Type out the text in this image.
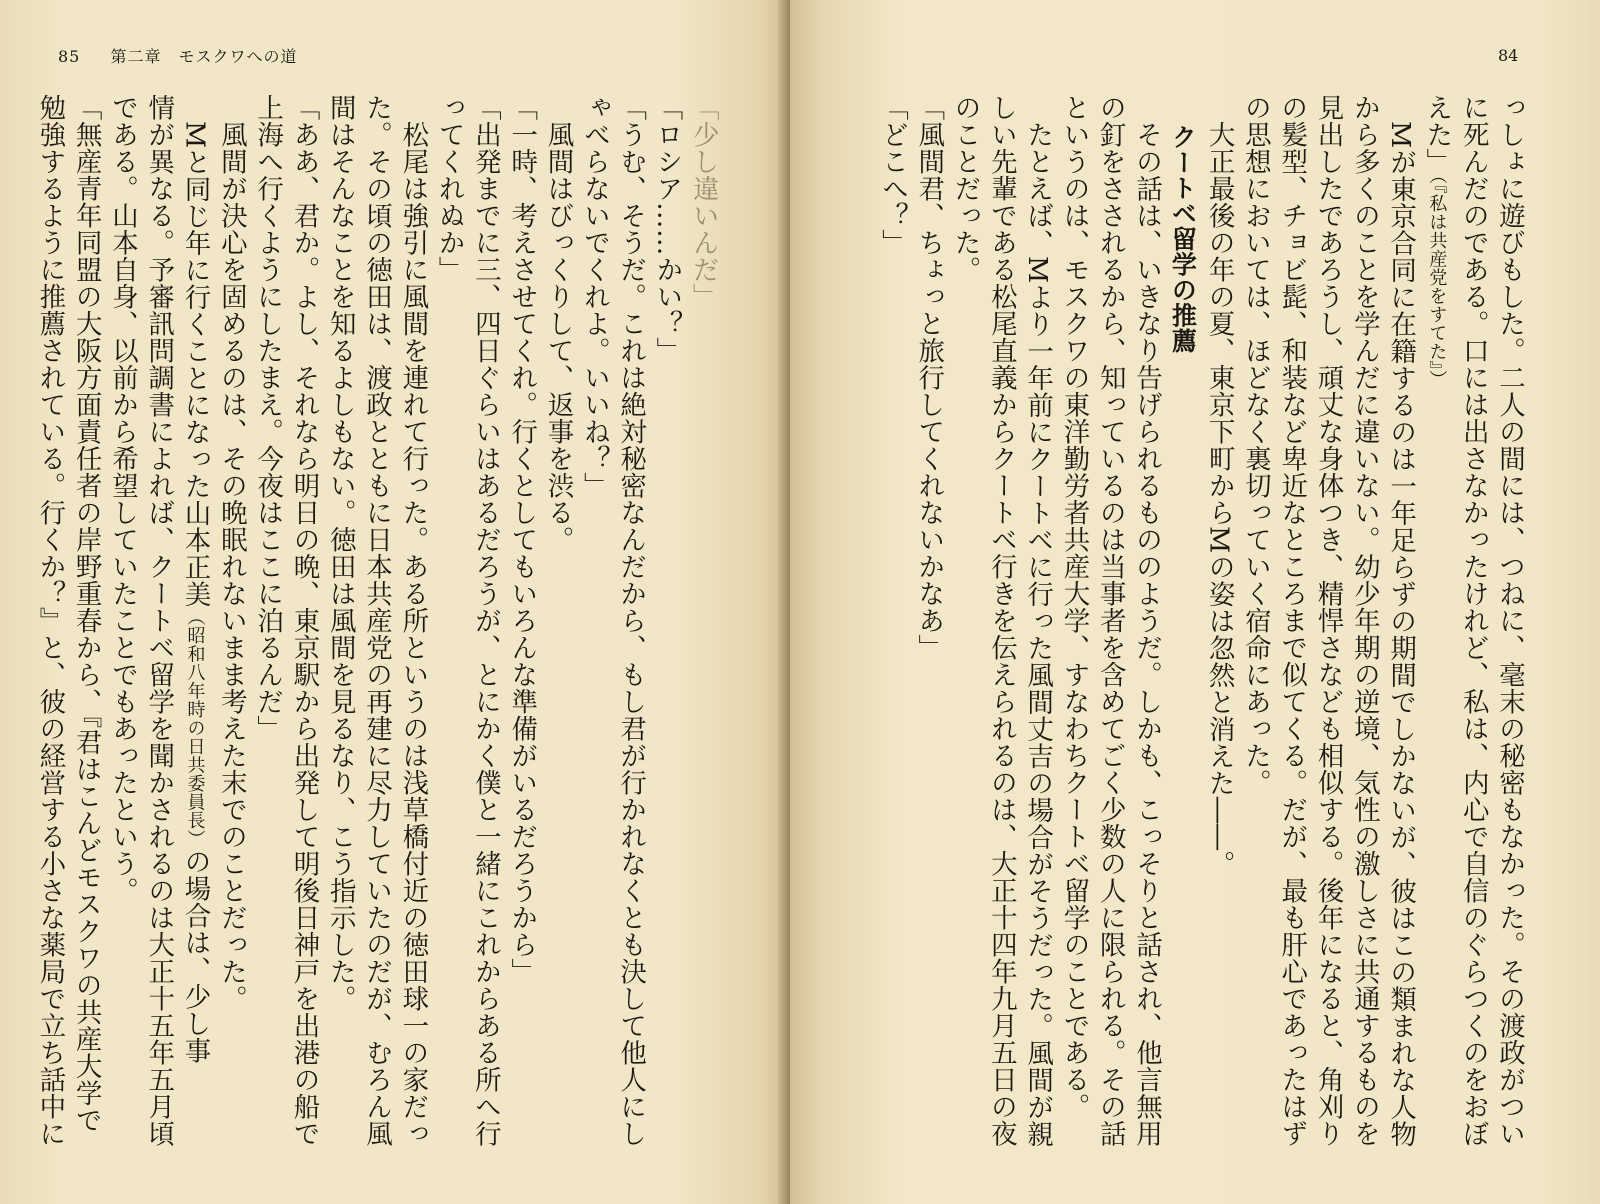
85 第二章　モスクワへの道
「少し違いんだ」
「ロシア……かい？」
「うむ、そうだ。これは絶対秘密なんだから、もし君が行かれなくとも決して他人にし
ゃべらないでくれよ。いいね？」
　風間はびっくりして、返事を渋る。
「一時、考えさせてくれ。行くとしてもいろんな準備がいるだろうから」
「出発までに三、四日ぐらいはあるだろうが、とにかく僕と一緒にこれからある所へ行
ってくれぬか」
　松尾は強引に風間を連れて行った。ある所というのは浅草橋付近の徳田球一の家だっ
た。その頃の徳田は、渡政とともに日本共産党の再建に尽力していたのだが、むろん風
間はそんなことを知るよしもない。徳田は風間を見るなり、こう指示した。
「ああ、君か。よし、それなら明日の晩、東京駅から出発して明後日神戸を出港の船で
上海へ行くようにしたまえ。今夜はここに泊るんだ」
　風間が決心を固めるのは、その晩眠れないまま考えた末でのことだった。
　Mと同じ年に行くことになった山本正美（昭和八年時の日共委員長）の場合は、少し事
情が異なる。予審訊問調書によれば、クートベ留学を聞かされるのは大正十五年五月頃
である。山本自身、以前から希望していたことでもあったという。
「無産青年同盟の大阪方面責任者の岸野重春から、『君はこんどモスクワの共産大学で
勉強するように推薦されている。行くか？』と、彼の経営する小さな薬局で立ち話中に
84
っしょに遊びもした。二人の間には、つねに、毫末の秘密もなかった。その渡政がつい
に死んだのである。口には出さなかったけれど、私は、内心で自信のぐらつくのをおぼ
えた」（『私は共産党をすてた』）
　Mが東京合同に在籍するのは一年足らずの期間でしかないが、彼はこの類まれな人物
から多くのことを学んだに違いない。幼少年期の逆境、気性の激しさに共通するものを
見出したであろうし、頑丈な身体つき、精悍さなども相似する。後年になると、角刈り
の髪型、チョビ髭、和装など卑近なところまで似てくる。だが、最も肝心であったはず
の思想においては、ほどなく裏切っていく宿命にあった。
　大正最後の年の夏、東京下町からMの姿は忽然と消えた――。
クートベ留学の推薦
　その話は、いきなり告げられるもののようだ。しかも、こっそりと話され、他言無用
の釘をさされるから、知っているのは当事者を含めてごく少数の人に限られる。その話
というのは、モスクワの東洋勤労者共産大学、すなわちクートベ留学のことである。
　たとえば、Mより一年前にクートベに行った風間丈吉の場合がそうだった。風間が親
しい先輩である松尾直義からクートベ行きを伝えられるのは、大正十四年九月五日の夜
のことだった。
「風間君、ちょっと旅行してくれないかなあ」
「どこへ？」
